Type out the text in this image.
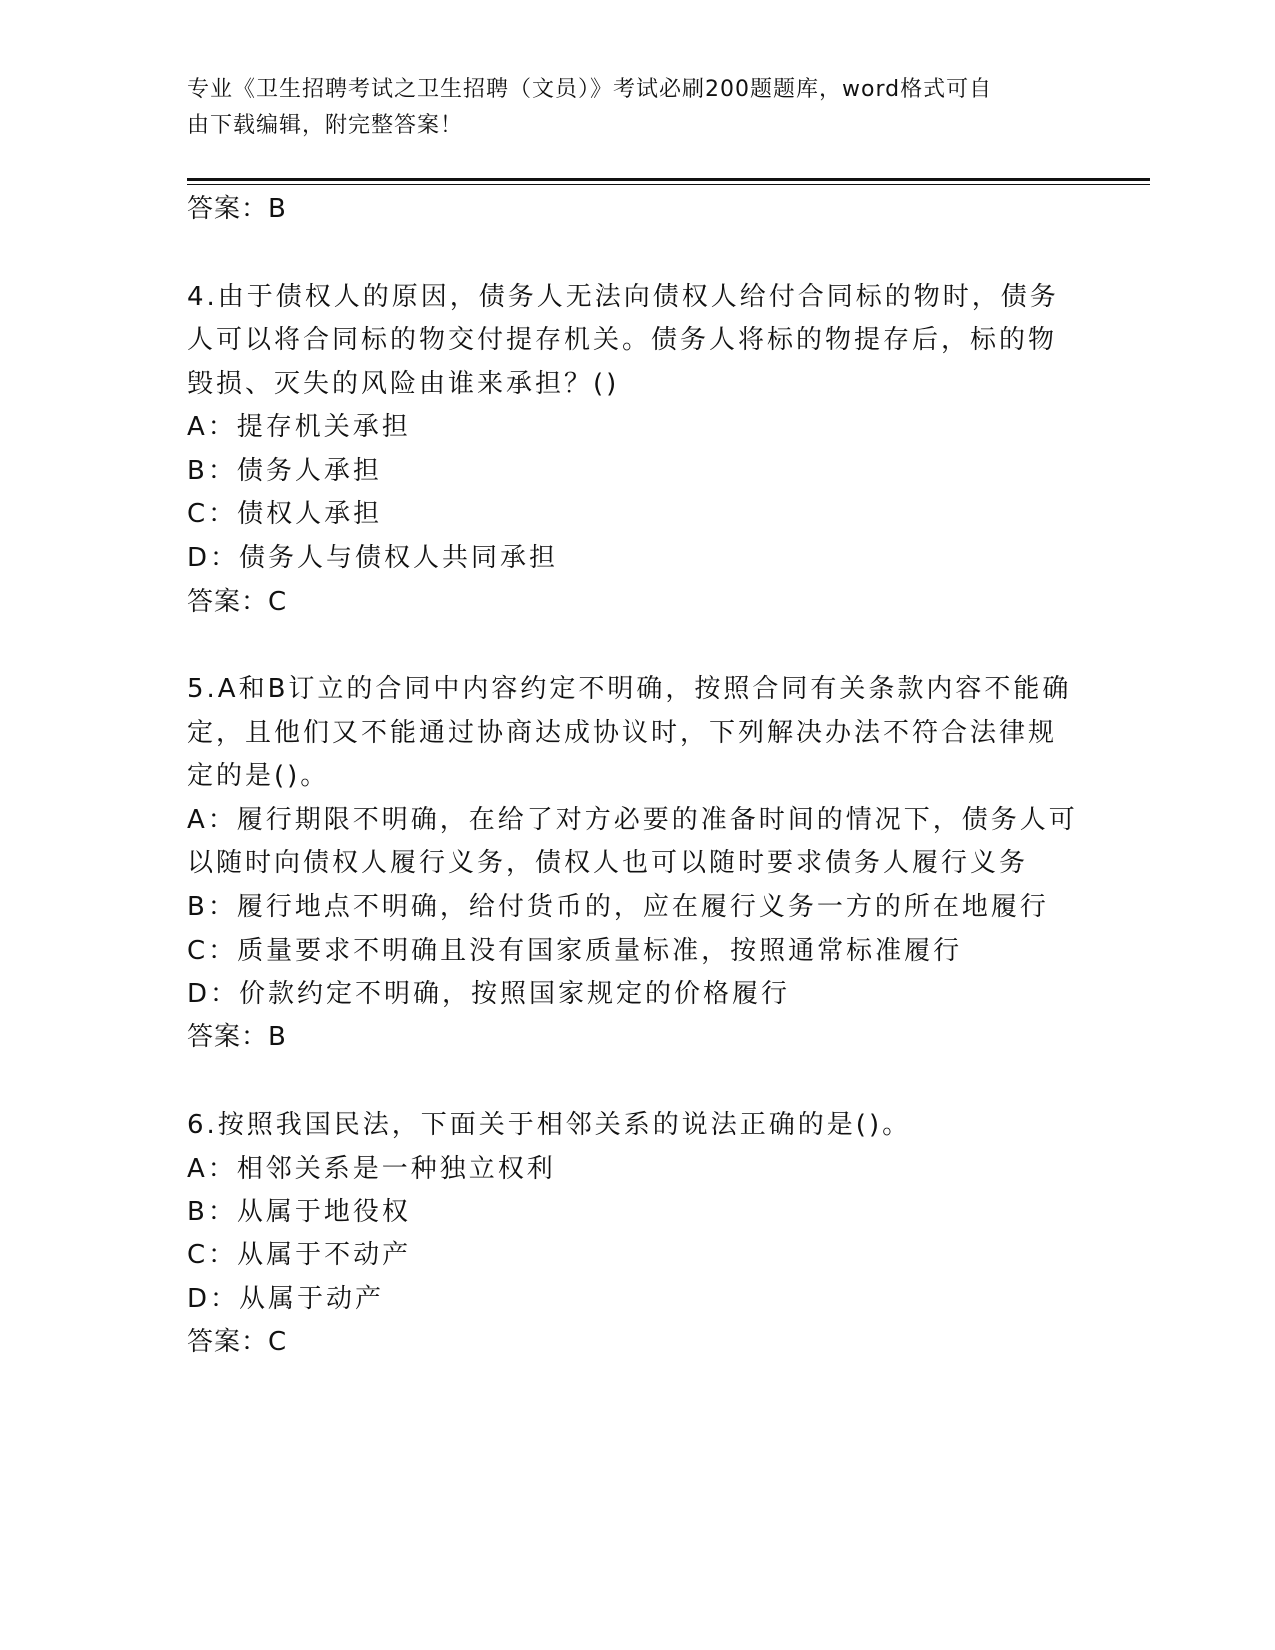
专业《卫生招聘考试之卫生招聘（文员）》考试必刷200题题库，word格式可自
由下载编辑，附完整答案！
答案：B
4.由于债权人的原因，债务人无法向债权人给付合同标的物时，债务
人可以将合同标的物交付提存机关。债务人将标的物提存后，标的物
毁损、灭失的风险由谁来承担？()
A：提存机关承担
B：债务人承担
C：债权人承担
D：债务人与债权人共同承担
答案：C
5.A和B订立的合同中内容约定不明确，按照合同有关条款内容不能确
定，且他们又不能通过协商达成协议时，下列解决办法不符合法律规
定的是()。
A：履行期限不明确，在给了对方必要的准备时间的情况下，债务人可
以随时向债权人履行义务，债权人也可以随时要求债务人履行义务
B：履行地点不明确，给付货币的，应在履行义务一方的所在地履行
C：质量要求不明确且没有国家质量标准，按照通常标准履行
D：价款约定不明确，按照国家规定的价格履行
答案：B
6.按照我国民法，下面关于相邻关系的说法正确的是()。
A：相邻关系是一种独立权利
B：从属于地役权
C：从属于不动产
D：从属于动产
答案：C
